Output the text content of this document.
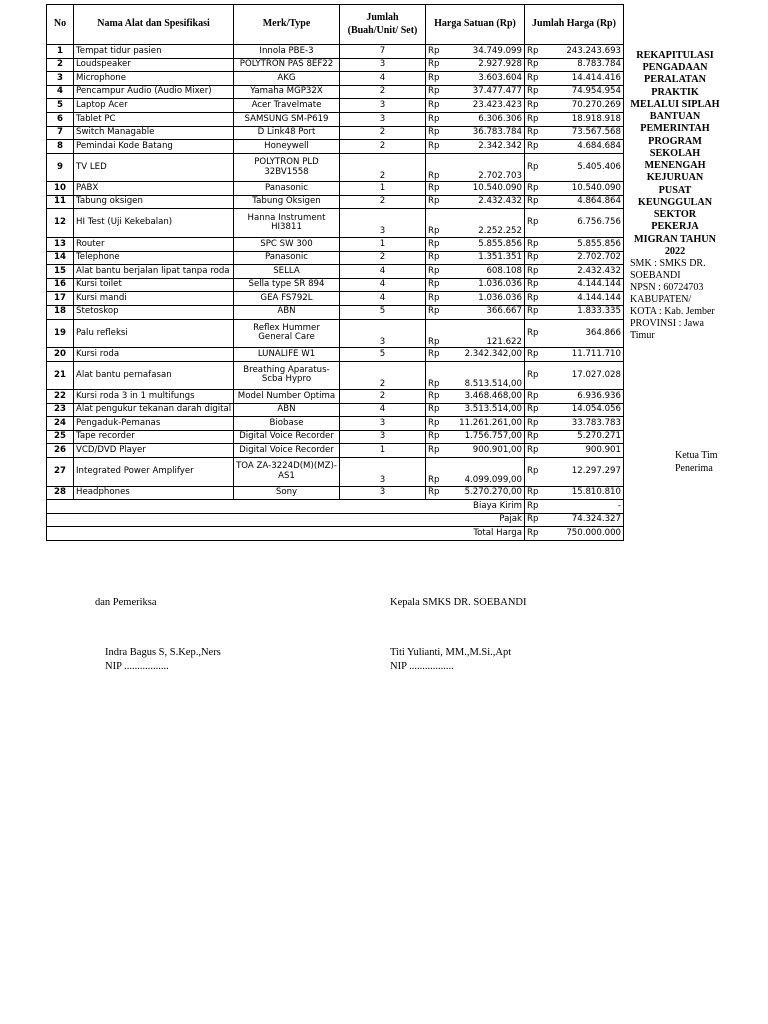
No	Nama Alat dan Spesifikasi	Merk/Type	Jumlah (Buah/Unit/ Set)	Harga Satuan (Rp)		Jumlah Harga (Rp)	
1	Tempat tidur pasien	Innola PBE-3	7	Rp	34.749.099	Rp	243.243.693
2	Loudspeaker	POLYTRON PAS 8EF22	3	Rp	2.927.928	Rp	8.783.784
3	Microphone	AKG	4	Rp	3.603.604	Rp	14.414.416
4	Pencampur Audio (Audio Mixer)	Yamaha MGP32X	2	Rp	37.477.477	Rp	74.954.954
5	Laptop Acer	Acer Travelmate	3	Rp	23.423.423	Rp	70.270.269
6	Tablet PC	SAMSUNG SM-P619	3	Rp	6.306.306	Rp	18.918.918
7	Switch Managable	D Link48 Port	2	Rp	36.783.784	Rp	73.567.568
8	Pemindai Kode Batang	Honeywell	2	Rp	2.342.342	Rp	4.684.684
9	TV LED	POLYTRON PLD 32BV1558	2	Rp	2.702.703	Rp	5.405.406
10	PABX	Panasonic	1	Rp	10.540.090	Rp	10.540.090
11	Tabung oksigen	Tabung Oksigen	2	Rp	2.432.432	Rp	4.864.864
12	HI Test (Uji Kekebalan)	Hanna Instrument HI3811	3	Rp	2.252.252	Rp	6.756.756
13	Router	SPC SW 300	1	Rp	5.855.856	Rp	5.855.856
14	Telephone	Panasonic	2	Rp	1.351.351	Rp	2.702.702
15	Alat bantu berjalan lipat tanpa roda	SELLA	4	Rp	608.108	Rp	2.432.432
16	Kursi toilet	Sella type SR 894	4	Rp	1.036.036	Rp	4.144.144
17	Kursi mandi	GEA FS792L	4	Rp	1.036.036	Rp	4.144.144
18	Stetoskop	ABN	5	Rp	366.667	Rp	1.833.335
19	Palu refleksi	Reflex Hummer General Care	3	Rp	121.622	Rp	364.866
20	Kursi roda	LUNALIFE W1	5	Rp	2.342.342,00	Rp	11.711.710
21	Alat bantu pernafasan	Breathing Aparatus-Scba Hypro	2	Rp	8.513.514,00	Rp	17.027.028
22	Kursi roda 3 in 1 multifungs	Model Number Optima	2	Rp	3.468.468,00	Rp	6.936.936
23	Alat pengukur tekanan darah digital	ABN	4	Rp	3.513.514,00	Rp	14.054.056
24	Pengaduk-Pemanas	Biobase	3	Rp	11.261.261,00	Rp	33.783.783
25	Tape recorder	Digital Voice Recorder	3	Rp	1.756.757,00	Rp	5.270.271
26	VCD/DVD Player	Digital Voice Recorder	1	Rp	900.901,00	Rp	900.901
27	Integrated Power Amplifyer	TOA ZA-3224D(M)(MZ)-AS1	3	Rp	4.099.099,00	Rp	12.297.297
28	Headphones	Sony	3	Rp	5.270.270,00	Rp	15.810.810
				Biaya Kirim		Rp	-
				Pajak		Rp	74.324.327
				Total Harga		Rp	750.000.000
REKAPITULASI PENGADAAN PERALATAN PRAKTIK MELALUI SIPLAH BANTUAN PEMERINTAH PROGRAM SEKOLAH MENENGAH KEJURUAN PUSAT KEUNGGULAN SEKTOR PEKERJA MIGRAN TAHUN 2022
SMK : SMKS DR. SOEBANDI
NPSN : 60724703
KABUPATEN/ KOTA : Kab. Jember
PROVINSI : Jawa Timur
Ketua Tim Penerima
dan Pemeriksa
Indra Bagus S, S.Kep.,Ners
NIP .................
Kepala SMKS DR. SOEBANDI
Titi Yulianti, MM.,M.Si.,Apt
NIP .................
